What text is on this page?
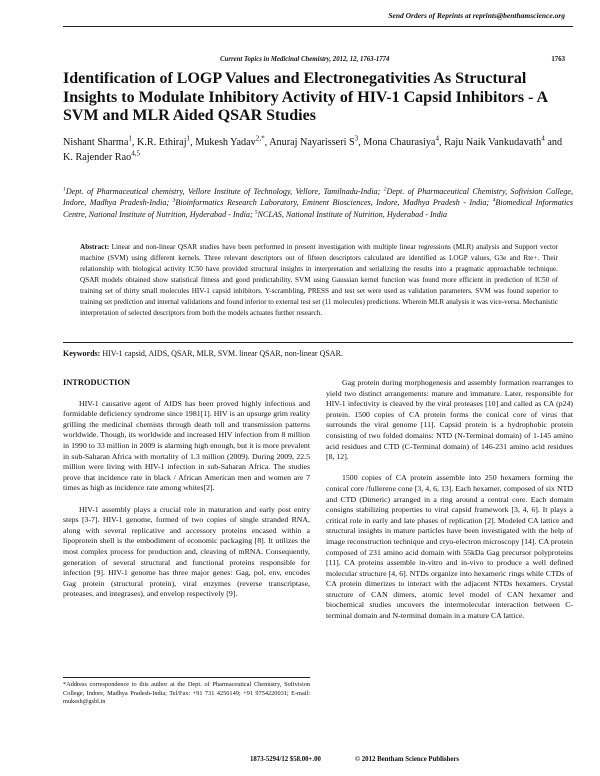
Send Orders of Reprints at reprints@benthamscience.org
Current Topics in Medicinal Chemistry, 2012, 12, 1763-1774	1763
Identification of LOGP Values and Electronegativities As Structural Insights to Modulate Inhibitory Activity of HIV-1 Capsid Inhibitors - A SVM and MLR Aided QSAR Studies
Nishant Sharma$^1$, K.R. Ethiraj$^1$, Mukesh Yadav$^{2,*}$, Anuraj Nayarisseri $S^3$, Mona Chaurasiya$^4$, Raju Naik Vankudavath$^4$ and K. Rajender Rao$^{4,5}$
$^1$Dept. of Pharmaceutical chemistry, Vellore Institute of Technology, Vellore, Tamilnadu-India; $^2$Dept. of Pharmaceutical Chemistry, Sofivision College, Indore, Madhya Pradesh-India; $^3$Bioinformatics Research Laboratory, Eminent Biosciences, Indore, Madhya Pradesh - India; $^4$Biomedical Informatics Centre, National Institute of Nutrition, Hyderabad - India; $^5$NCLAS, National Institute of Nutrition, Hyderabad - India
Abstract: Linear and non-linear QSAR studies have been performed in present investigation with multiple linear regressions (MLR) analysis and Support vector machine (SVM) using different kernels. Three relevant descriptors out of fifteen descriptors calculated are identified as LOGP values, G3e and Rte+. Their relationship with biological activity IC50 have provided structural insights in interpretation and serializing the results into a pragmatic approachable technique. QSAR models obtained show statistical fitness and good predictability. SVM using Gaussian kernel function was found more efficient in prediction of IC50 of training set of thirty small molecules HIV-1 capsid inhibitors. Y-scrambling, PRESS and test set were used as validation parameters. SVM was found superior to training set prediction and internal validations and found inferior to external test set (11 molecules) predictions. Wherein MLR analysis it was vice-versa. Mechanistic interpretation of selected descriptors from both the models actuates further research.
Keywords: HIV-1 capsid, AIDS, QSAR, MLR, SVM. linear QSAR, non-linear QSAR.
INTRODUCTION

HIV-1 causative agent of AIDS has been proved highly infectious and formidable deficiency syndrome since 1981[1]. HIV is an upsurge grim reality grilling the medicinal chemists through death toll and transmission patterns worldwide. Though, its worldwide and increased HIV infection from 8 million in 1990 to 33 million in 2009 is alarming high enough, but it is more prevalent in sub-Saharan Africa with mortality of 1.3 million (2009). During 2009, 22.5 million were living with HIV-1 infection in sub-Saharan Africa. The studies prove that incidence rate in black / African American men and women are 7 times as high as incidence rate among whites[2].

HIV-1 assembly plays a crucial role in maturation and early post entry steps [3-7]. HIV-1 genome, formed of two copies of single stranded RNA, along with several replicative and accessory proteins encased within a lipoprotein shell is the embodiment of economic packaging [8]. It utilizes the most complex process for production and, cleaving of mRNA. Consequently, generation of several structural and functional proteins responsible for infection [9]. HIV-1 genome has three major genes: Gag, pol, env, encodes Gag protein (structural protein), viral enzymes (reverse transcriptase, proteases, and integrases), and envelop respectively [9].

Gag protein during morphogenesis and assembly formation rearranges to yield two distinct arrangements: mature and immature. Later, responsible for HIV-1 infectivity is cleaved by the viral proteases [10] and called as CA (p24) protein. 1500 copies of CA protein forms the conical core of virus that surrounds the viral genome [11]. Capsid protein is a hydrophobic protein consisting of two folded domains: NTD (N-Terminal domain) of 1-145 amino acid residues and CTD (C-Terminal domain) of 146-231 amino acid residues [8, 12].

1500 copies of CA protein assemble into 250 hexamers forming the conical core /fullerene cone [3, 4, 6, 13]. Each hexamer, composed of six NTD and CTD (Dimeric) arranged in a ring around a central core. Each domain consigns stabilizing properties to viral capsid framework [3, 4, 6]. It plays a critical role in early and late phases of replication [2]. Modeled CA lattice and structural insights in mature particles have been investigated with the help of image reconstruction technique and cryo-electron microscopy [14]. CA protein composed of 231 amino acid domain with 55kDa Gag precursor polyproteins [11]. CA proteins assemble in-vitro and in-vivo to produce a well defined molecular structure [4, 6]. NTDs organize into hexameric rings while CTDs of CA protein dimerizes to interact with the adjacent NTDs hexamers. Crystal structure of CAN dimers, atomic level model of CAN hexamer and biochemical studies uncovers the intermolecular interaction between C-terminal domain and N-terminal domain in a mature CA lattice.

*Address correspondence to this author at the Dept. of Pharmaceutical Chemistry, Sofivision College, Indore, Madhya Pradesh-India; Tel/Fax: +91 731 4256149; +91 9754220031; E-mail: mukesh@gsbl.in
1873-5294/12 $58.00+.00	© 2012 Bentham Science Publishers
